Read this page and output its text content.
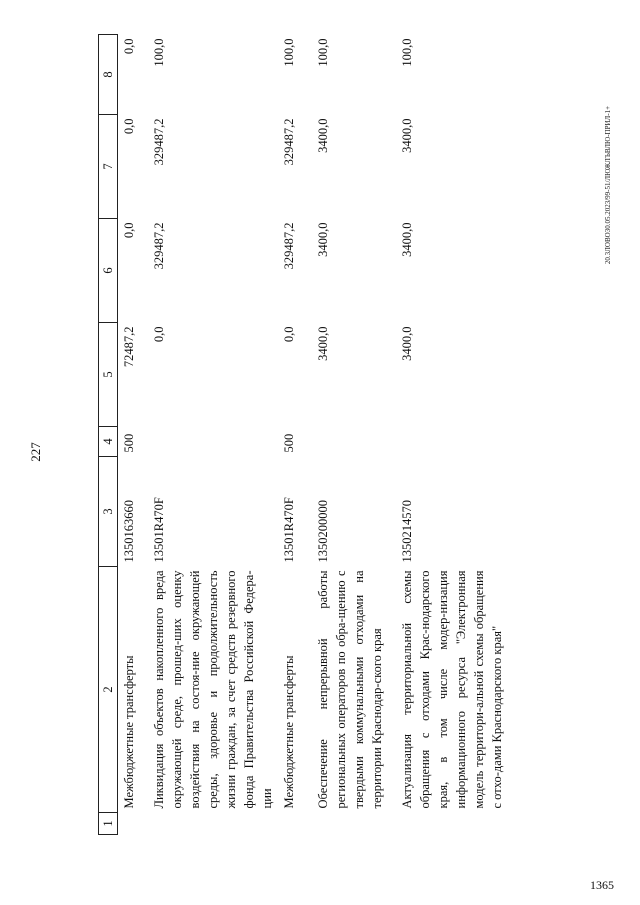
227
20.3ЛОВО30.05.2023/99-51/ЛЮЖЛЪВЛЮ-ПРИЛ-1+
1365
1	2	3	4	5	6	7	8
	Межбюджетные трансферты	1350163660	500	72487,2	0,0	0,0	0,0
	Ликвидация объектов накопленного вреда окружающей среде, прошед-ших оценку воздействия на состоя-ние окружающей среды, здоровье и продолжительность жизни граждан, за счет средств резервного фонда Правительства Российской Федера-ции	13501R470F		0,0	329487,2	329487,2	100,0
	Межбюджетные трансферты	13501R470F	500	0,0	329487,2	329487,2	100,0
	Обеспечение непрерывной работы региональных операторов по обра-щению с твердыми коммунальными отходами на территории Краснодар-ского края	1350200000		3400,0	3400,0	3400,0	100,0
	Актуализация территориальной схемы обращения с отходами Крас-нодарского края, в том числе модер-низация информационного ресурса "Электронная модель территори-альной схемы обращения с отхо-дами Краснодарского края"	1350214570		3400,0	3400,0	3400,0	100,0
